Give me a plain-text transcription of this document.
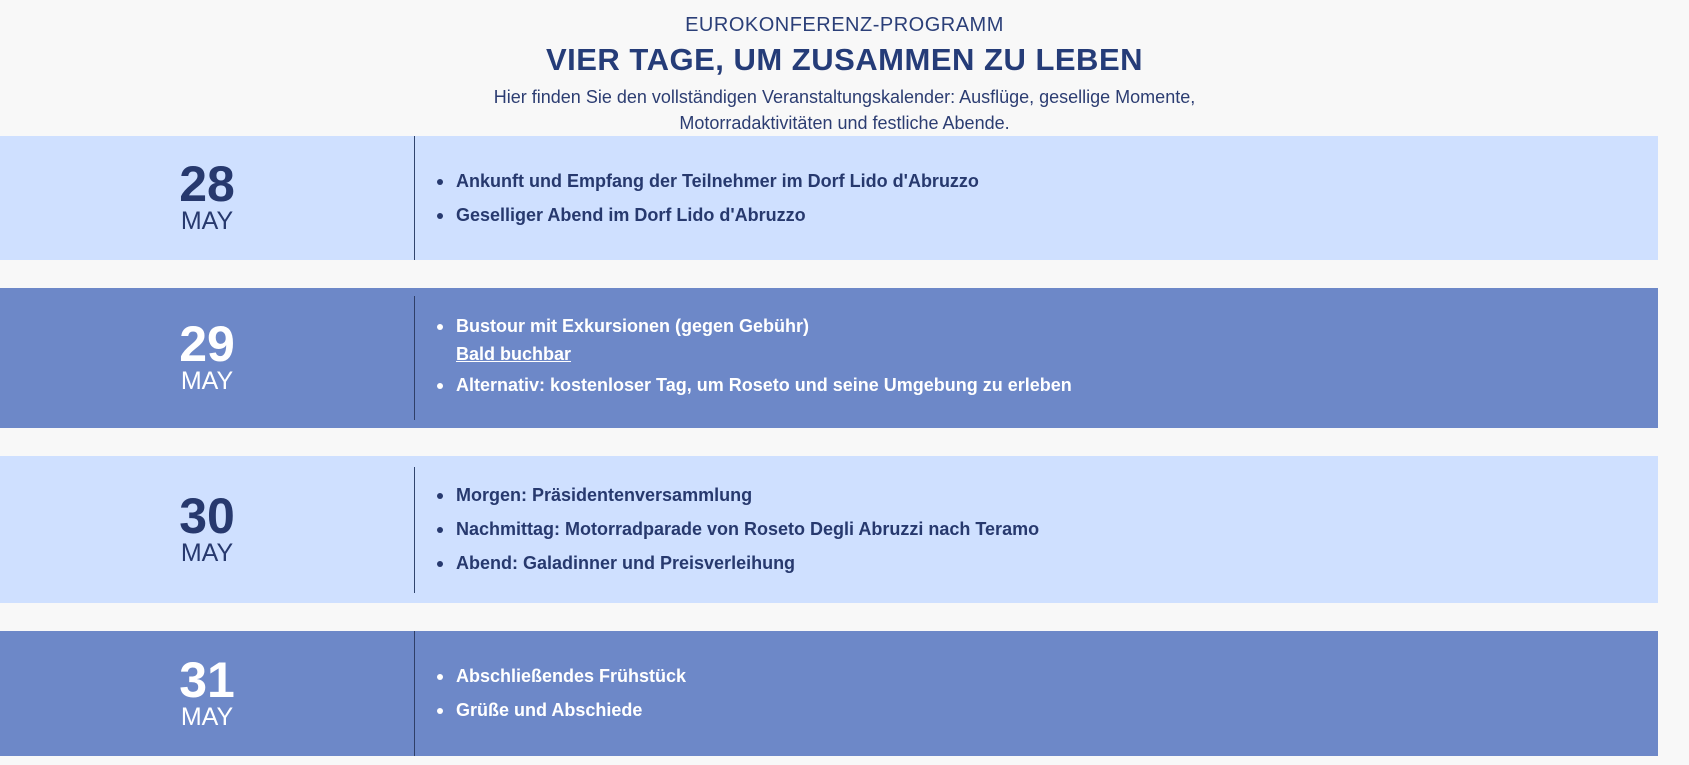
EUROKONFERENZ-PROGRAMM
VIER TAGE, UM ZUSAMMEN ZU LEBEN
Hier finden Sie den vollständigen Veranstaltungskalender: Ausflüge, gesellige Momente,
Motorradaktivitäten und festliche Abende.
28
MAY
Ankunft und Empfang der Teilnehmer im Dorf Lido d'Abruzzo
Geselliger Abend im Dorf Lido d'Abruzzo
29
MAY
Bustour mit Exkursionen (gegen Gebühr)
Bald buchbar
Alternativ: kostenloser Tag, um Roseto und seine Umgebung zu erleben
30
MAY
Morgen: Präsidentenversammlung
Nachmittag: Motorradparade von Roseto Degli Abruzzi nach Teramo
Abend: Galadinner und Preisverleihung
31
MAY
Abschließendes Frühstück
Grüße und Abschiede
